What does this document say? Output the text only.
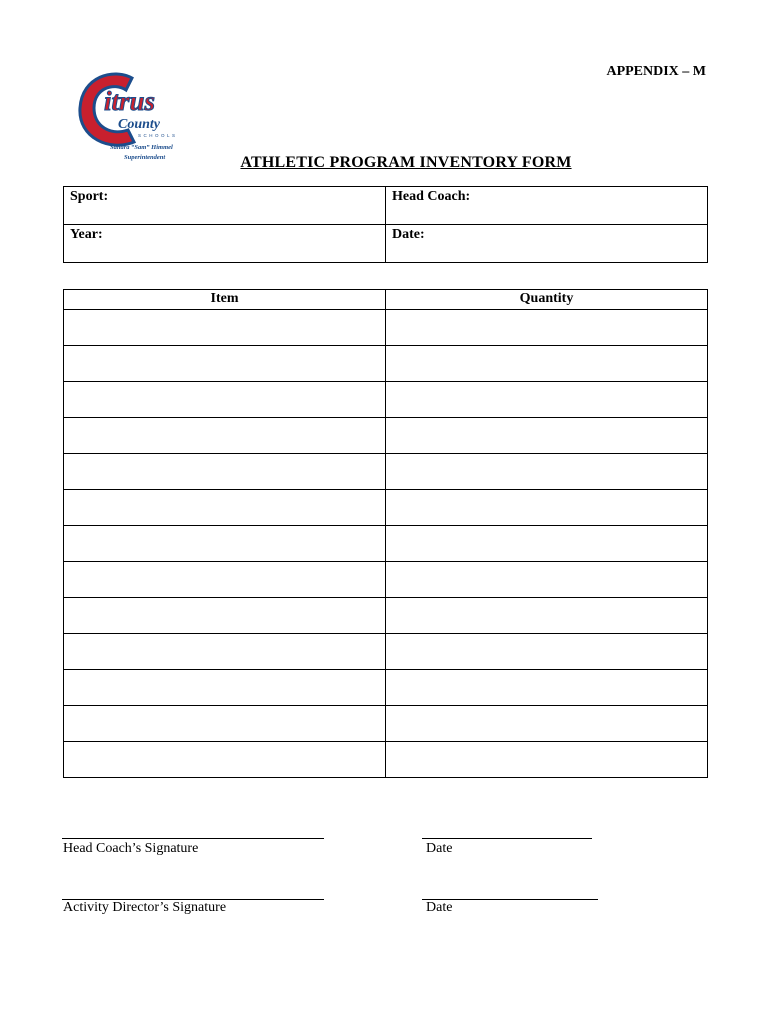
APPENDIX – M
itrus
County
SCHOOLS
Sandra “Sam” Himmel
Superintendent	ATHLETIC PROGRAM INVENTORY FORM
Sport:	Head Coach:
Year:	Date:
Item	Quantity

Head Coach’s Signature	Date
Activity Director’s Signature	Date
